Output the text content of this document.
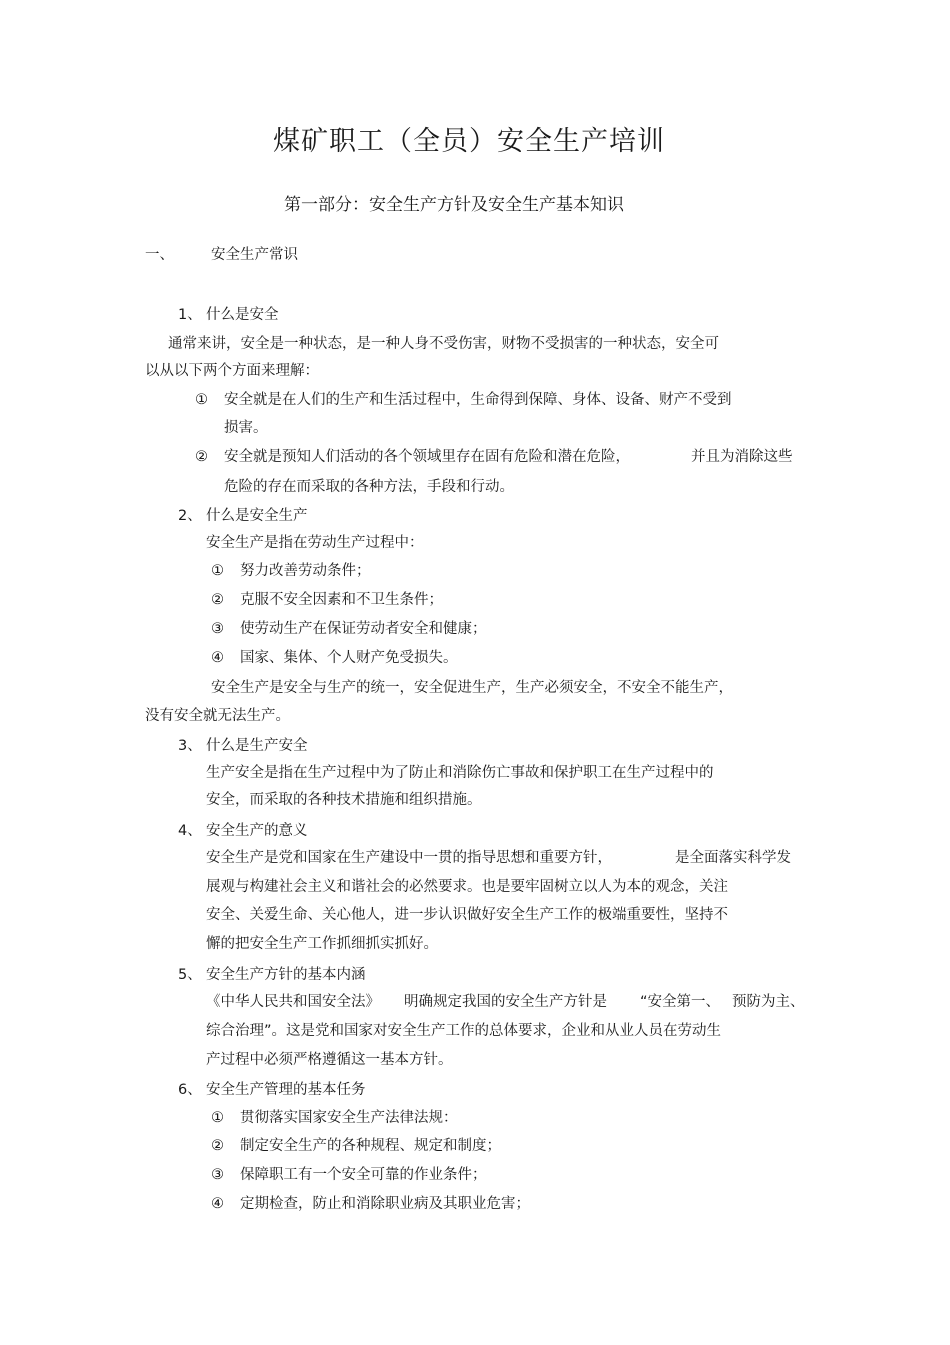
煤矿职工（全员）安全生产培训
第一部分：安全生产方针及安全生产基本知识
一、	安全生产常识
1、 什么是安全
通常来讲，安全是一种状态，是一种人身不受伤害，财物不受损害的一种状态，安全可
以从以下两个方面来理解：
① 安全就是在人们的生产和生活过程中，生命得到保障、身体、设备、财产不受到
损害。
② 安全就是预知人们活动的各个领域里存在固有危险和潜在危险，	并且为消除这些
危险的存在而采取的各种方法，手段和行动。
2、 什么是安全生产
安全生产是指在劳动生产过程中：
① 努力改善劳动条件；
② 克服不安全因素和不卫生条件；
③ 使劳动生产在保证劳动者安全和健康；
④ 国家、集体、个人财产免受损失。
安全生产是安全与生产的统一，安全促进生产，生产必须安全，不安全不能生产，
没有安全就无法生产。
3、 什么是生产安全
生产安全是指在生产过程中为了防止和消除伤亡事故和保护职工在生产过程中的
安全，而采取的各种技术措施和组织措施。
4、 安全生产的意义
安全生产是党和国家在生产建设中一贯的指导思想和重要方针，	是全面落实科学发
展观与构建社会主义和谐社会的必然要求。也是要牢固树立以人为本的观念，关注
安全、关爱生命、关心他人，进一步认识做好安全生产工作的极端重要性，坚持不
懈的把安全生产工作抓细抓实抓好。
5、 安全生产方针的基本内涵
《中华人民共和国安全法》 明确规定我国的安全生产方针是 “安全第一、 预防为主、
综合治理”。这是党和国家对安全生产工作的总体要求，企业和从业人员在劳动生
产过程中必须严格遵循这一基本方针。
6、 安全生产管理的基本任务
① 贯彻落实国家安全生产法律法规：
② 制定安全生产的各种规程、规定和制度；
③ 保障职工有一个安全可靠的作业条件；
④ 定期检查，防止和消除职业病及其职业危害；
